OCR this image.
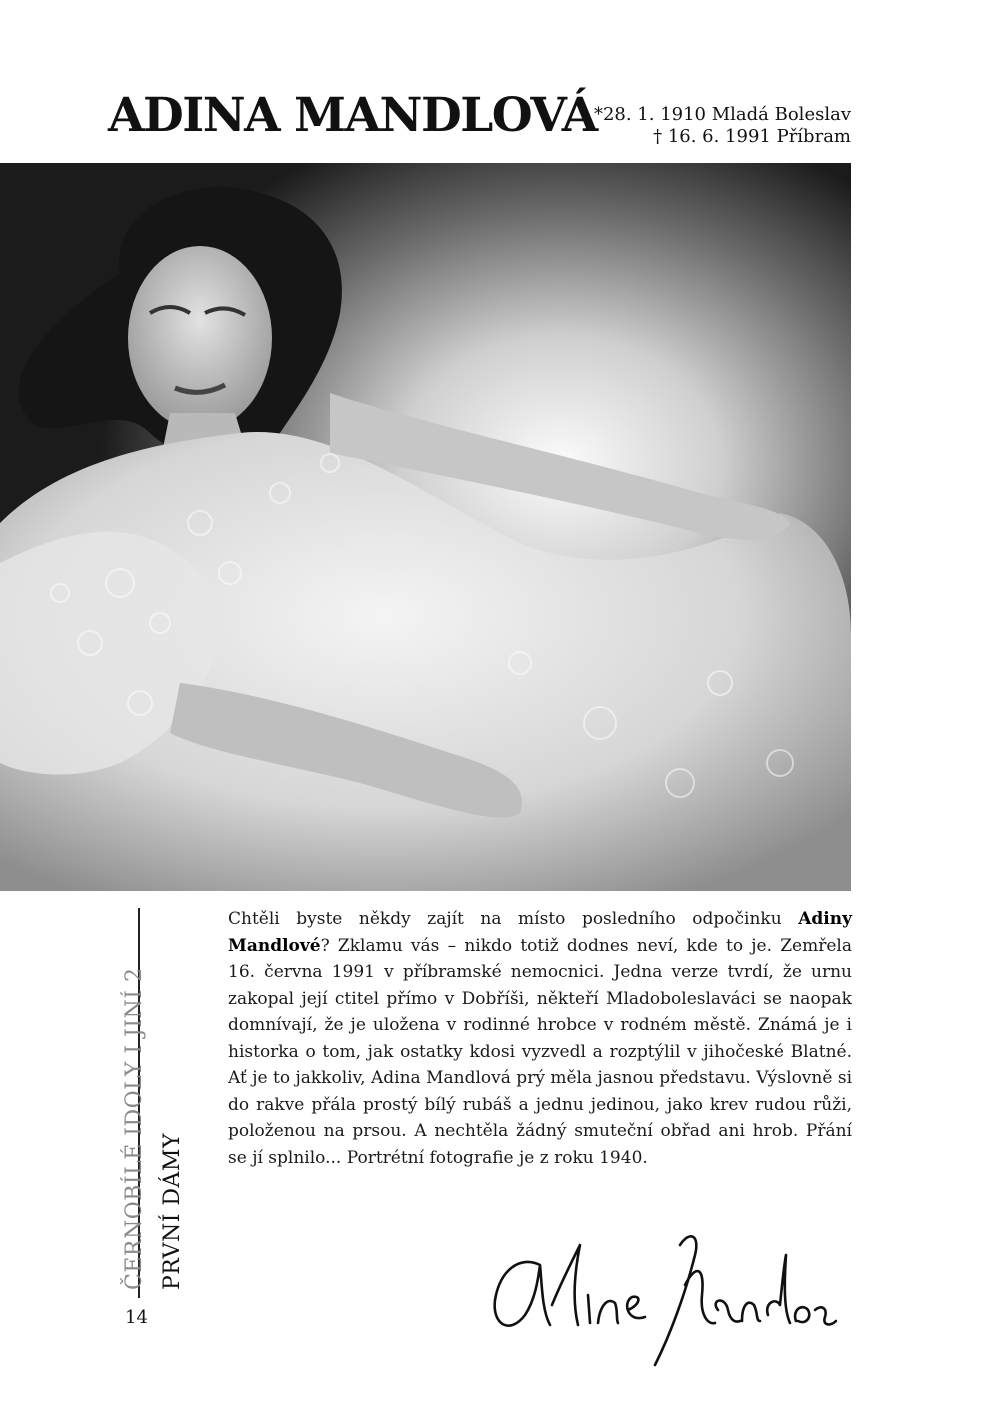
ADINA MANDLOVÁ
*28. 1. 1910 Mladá Boleslav
† 16. 6. 1991 Příbram
ČERNOBÍLÉ IDOLY I JINÍ 2 PRVNÍ DÁMY
14

Chtěli byste někdy zajít na místo posledního odpočinku Adiny Mandlové? Zklamu vás – nikdo totiž dodnes neví, kde to je. Zemřela 16. června 1991 v příbramské nemocnici. Jedna verze tvrdí, že urnu zakopal její ctitel přímo v Dobříši, někteří Mladoboleslaváci se naopak domnívají, že je uložena v rodinné hrobce v rodném městě. Známá je i historka o tom, jak ostatky kdosi vyzvedl a rozptýlil v jihočeské Blatné. Ať je to jakkoliv, Adina Mandlová prý měla jasnou představu. Výslovně si do rakve přála prostý bílý rubáš a jednu jedinou, jako krev rudou růži, položenou na prsou. A nechtěla žádný smuteční obřad ani hrob. Přání se jí splnilo... Portrétní fotografie je z roku 1940.

Adina Mandlová
